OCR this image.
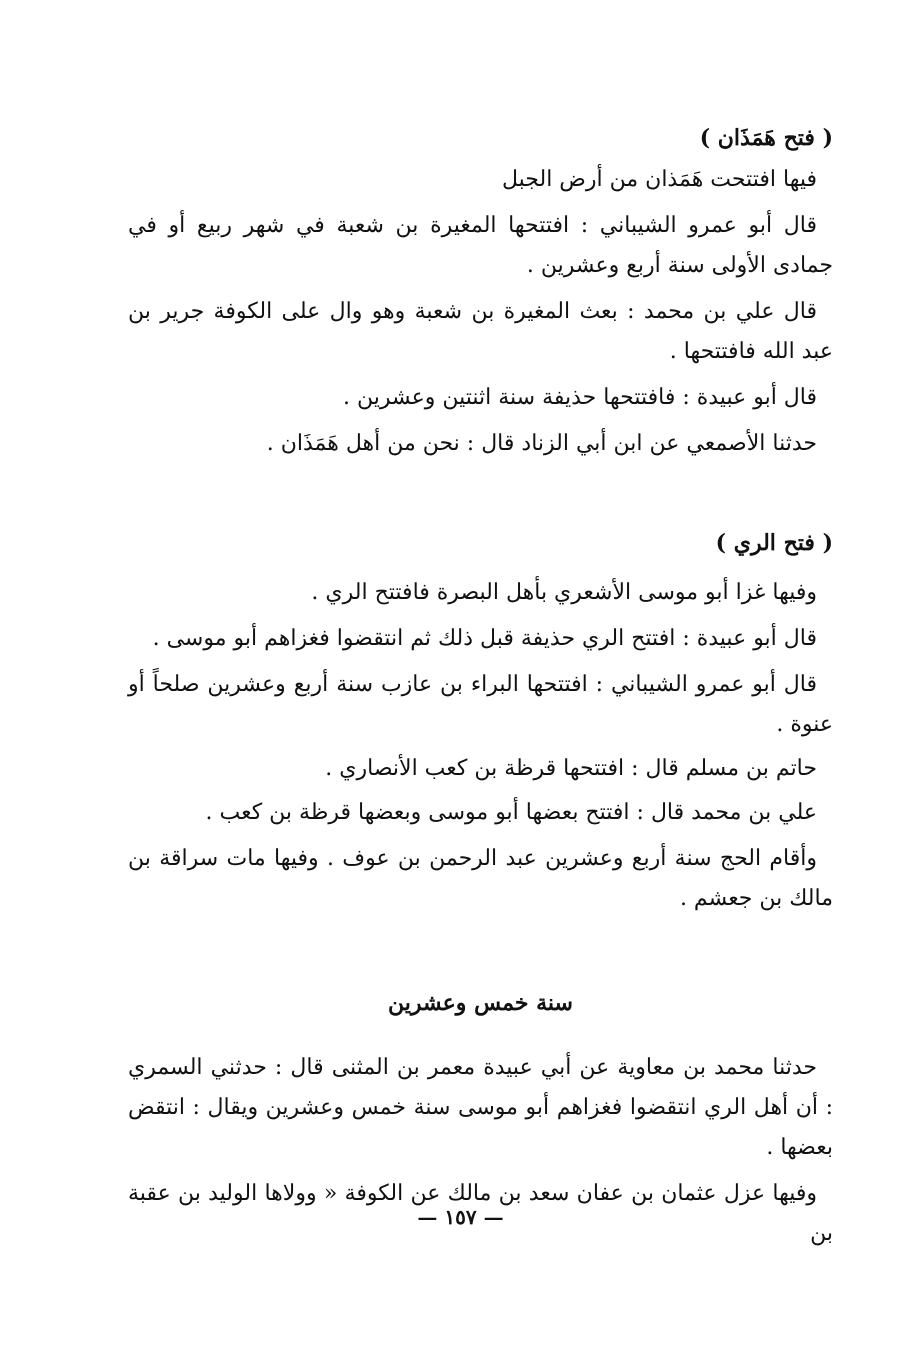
( فتح هَمَذَان )

فيها افتتحت هَمَذان من أرض الجبل

قال أبو عمرو الشيباني : افتتحها المغيرة بن شعبة في شهر ربيع أو في جمادى الأولى سنة أربع وعشرين .

قال علي بن محمد : بعث المغيرة بن شعبة وهو وال على الكوفة جرير بن عبد الله فافتتحها .

قال أبو عبيدة : فافتتحها حذيفة سنة اثنتين وعشرين .

حدثنا الأصمعي عن ابن أبي الزناد قال : نحن من أهل هَمَذَان .

( فتح الري )

وفيها غزا أبو موسى الأشعري بأهل البصرة فافتتح الري .

قال أبو عبيدة : افتتح الري حذيفة قبل ذلك ثم انتقضوا فغزاهم أبو موسى .

قال أبو عمرو الشيباني : افتتحها البراء بن عازب سنة أربع وعشرين صلحاً أو عنوة .

حاتم بن مسلم قال : افتتحها قرظة بن كعب الأنصاري .

علي بن محمد قال : افتتح بعضها أبو موسى وبعضها قرظة بن كعب .

وأقام الحج سنة أربع وعشرين عبد الرحمن بن عوف . وفيها مات سراقة بن مالك بن جعشم .

سنة خمس وعشرين

حدثنا محمد بن معاوية عن أبي عبيدة معمر بن المثنى قال : حدثني السمري : أن أهل الري انتقضوا فغزاهم أبو موسى سنة خمس وعشرين ويقال : انتقض بعضها .

وفيها عزل عثمان بن عفان سعد بن مالك عن الكوفة « وولاها الوليد بن عقبة بن

— ١٥٧ —
